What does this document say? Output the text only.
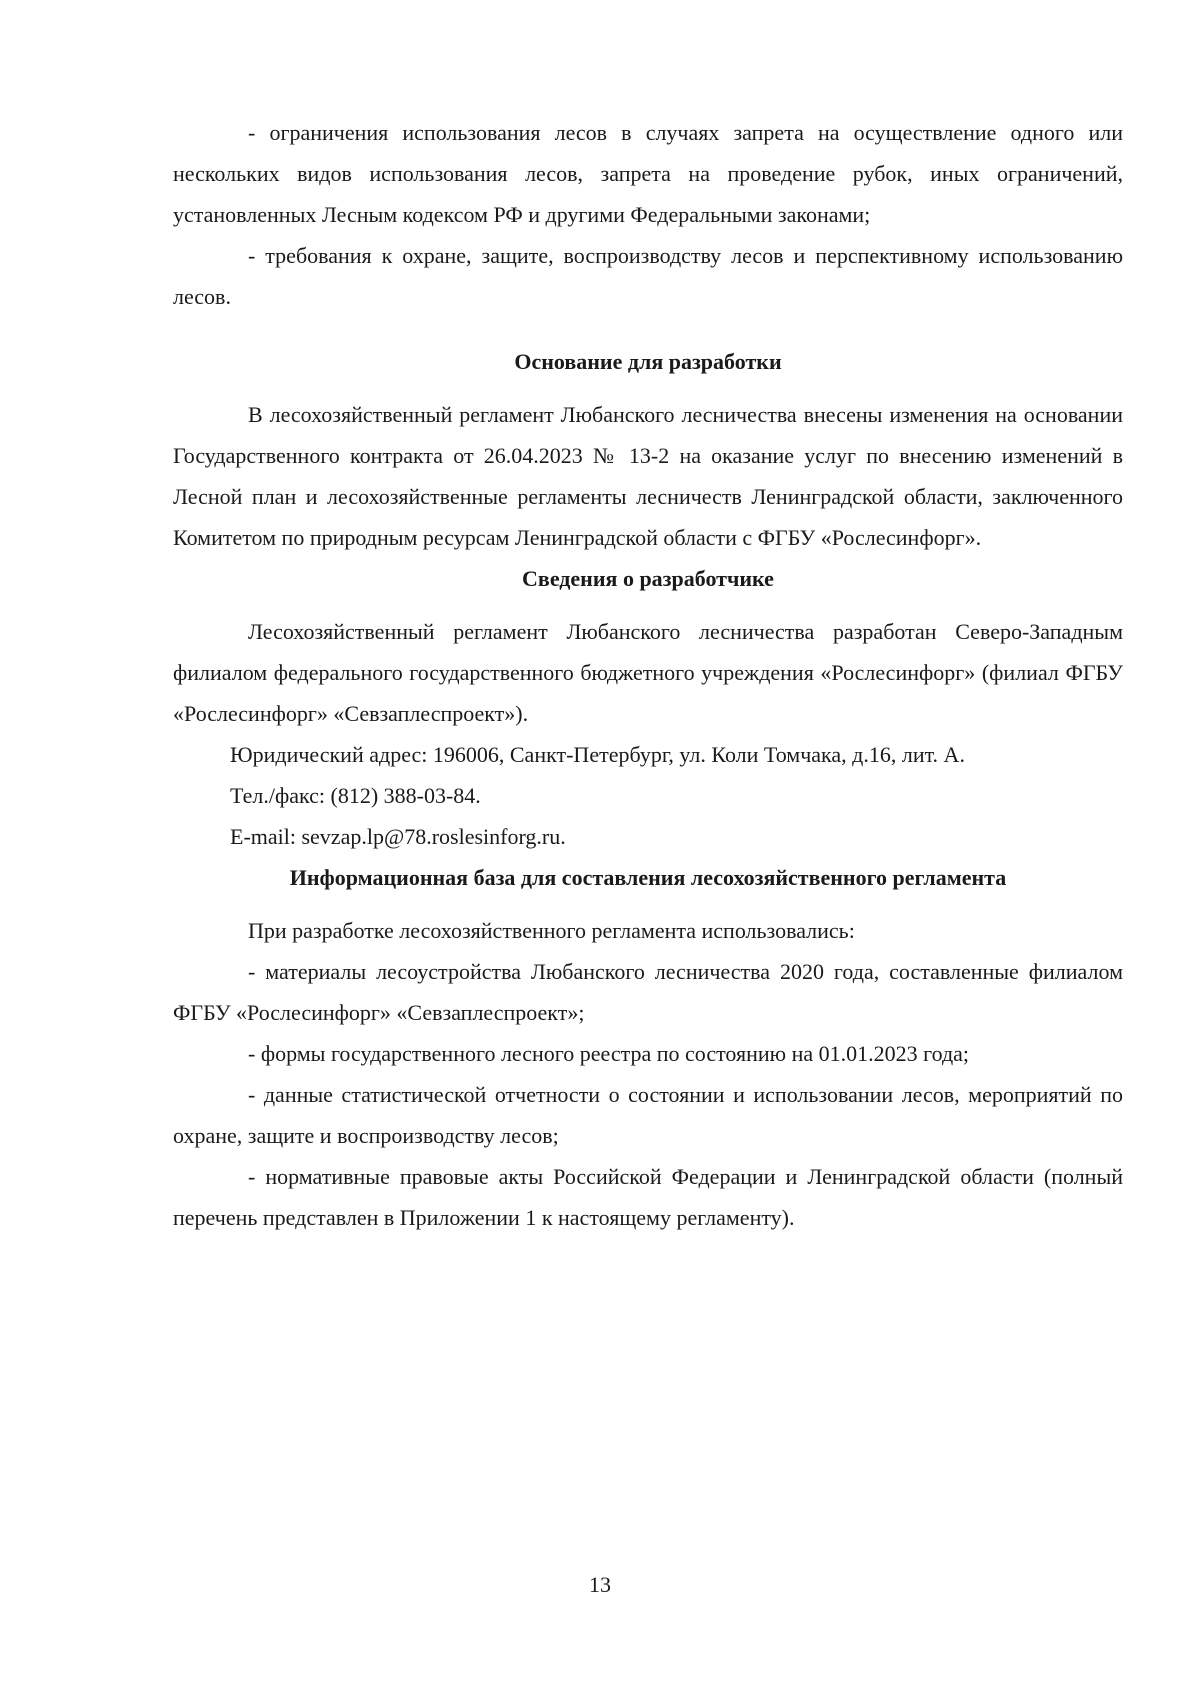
- ограничения использования лесов в случаях запрета на осуществление одного или нескольких видов использования лесов, запрета на проведение рубок, иных ограничений, установленных Лесным кодексом РФ и другими Федеральными законами;

- требования к охране, защите, воспроизводству лесов и перспективному использованию лесов.

Основание для разработки

В лесохозяйственный регламент Любанского лесничества внесены изменения на основании Государственного контракта от 26.04.2023 № 13-2 на оказание услуг по внесению изменений в Лесной план и лесохозяйственные регламенты лесничеств Ленинградской области, заключенного Комитетом по природным ресурсам Ленинградской области с ФГБУ «Рослесинфорг».

Сведения о разработчике

Лесохозяйственный регламент Любанского лесничества разработан Северо-Западным филиалом федерального государственного бюджетного учреждения «Рослесинфорг» (филиал ФГБУ «Рослесинфорг» «Севзаплеспроект»).

Юридический адрес: 196006, Санкт-Петербург, ул. Коли Томчака, д.16, лит. А.

Тел./факс: (812) 388-03-84.

E-mail: sevzap.lp@78.roslesinforg.ru.

Информационная база для составления лесохозяйственного регламента

При разработке лесохозяйственного регламента использовались:

- материалы лесоустройства Любанского лесничества 2020 года, составленные филиалом ФГБУ «Рослесинфорг» «Севзаплеспроект»;

- формы государственного лесного реестра по состоянию на 01.01.2023 года;

- данные статистической отчетности о состоянии и использовании лесов, мероприятий по охране, защите и воспроизводству лесов;

- нормативные правовые акты Российской Федерации и Ленинградской области (полный перечень представлен в Приложении 1 к настоящему регламенту).

13
